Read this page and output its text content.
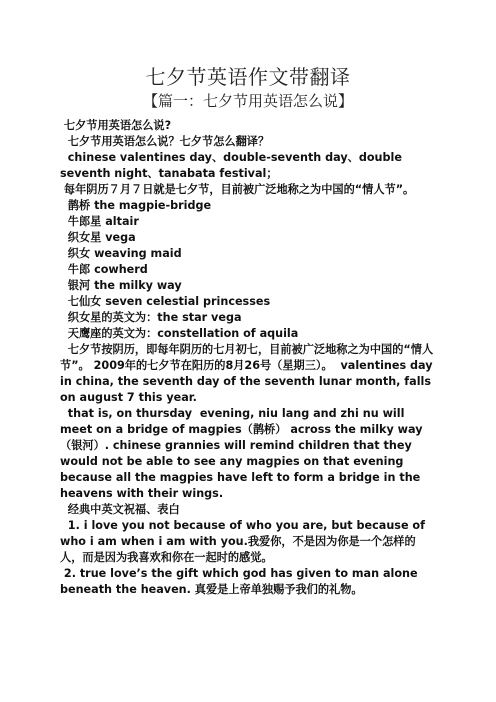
七夕节英语作文带翻译
【篇一：七夕节用英语怎么说】

七夕节用英语怎么说?

七夕节用英语怎么说？七夕节怎么翻译？

chinese valentines day、double-seventh day、double seventh night、tanabata festival；

每年阴历７月７日就是七夕节，目前被广泛地称之为中国的“情人节”。

鹊桥 the magpie-bridge

牛郎星 altair

织女星 vega

织女 weaving maid

牛郎 cowherd

银河 the milky way

七仙女 seven celestial princesses

织女星的英文为：the star vega

天鹰座的英文为：constellation of aquila

七夕节按阴历，即每年阴历的七月初七，目前被广泛地称之为中国的“情人节”。 2009年的七夕节在阳历的8月26号（星期三）。  valentines day in china, the seventh day of the seventh lunar month, falls on august 7 this year.

that is, on thursday  evening, niu lang and zhi nu will meet on a bridge of magpies（鹊桥） across the milky way（银河）. chinese grannies will remind children that they would not be able to see any magpies on that evening because all the magpies have left to form a bridge in the heavens with their wings.

经典中英文祝福、表白

1. i love you not because of who you are, but because of who i am when i am with you.我爱你，不是因为你是一个怎样的人，而是因为我喜欢和你在一起时的感觉。

2. true love’s the gift which god has given to man alone beneath the heaven. 真爱是上帝单独赐予我们的礼物。
